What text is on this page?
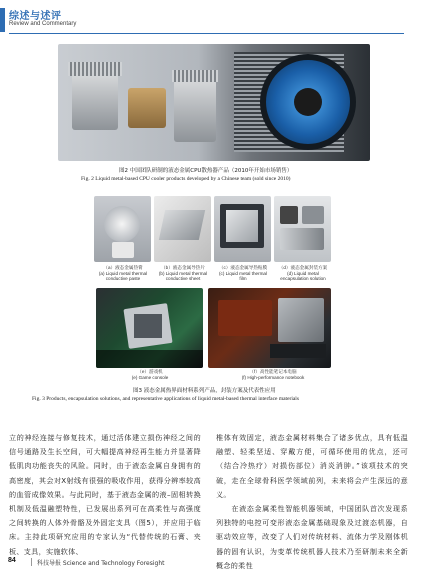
综述与述评
Review and Commentary
图2 中国团队研制的液态金属CPU散热器产品（2010年开始市场销售）
Fig. 2 Liquid metal-based CPU cooler products developed by a Chinese team (sold since 2010)
（a）液态金属热膏
(a) Liquid metal thermal
conductive paste
（b）液态金属导热片
(b) Liquid metal thermal
conductive sheet
（c）液态金属导热贴膜
(c) Liquid metal thermal
film
（d）液态金属封装方案
(d) Liquid metal
encapsulation solution
（e）游戏机
(e) Game console
（f）高性能笔记本电脑
(f) High-performance notebook
图3 液态金属热界面材料系列产品，封装方案及代表性应用
Fig. 3 Products, encapsulation solutions, and representative applications of liquid metal-based thermal interface materials
立的神经连接与修复技术，通过活体建立损伤神经之间的信号通路及生长空间，可大幅提高神经再生能力并显著降低肌肉功能丧失的风险。同时，由于液态金属自身拥有的高密度，其会对X射线有很强的吸收作用，获得分辨率较高的血管成像效果。与此同时，基于液态金属的液–固相转换机制及低温融塑特性，已发展出系列可在高柔性与高强度之间转换的人体外骨骼及外固定支具（图5），并应用于临床。主持此项研究应用的专家认为“代替传统的石膏、夹板、支具，实施软体、
椎体有效固定，液态金属材料集合了诸多优点，具有低温融塑、轻柔坚适、穿戴方便，可循环使用的优点，还可（结合冷热疗）对损伤部位）消炎消肿。”该项技术的突破，走在全球骨科医学领域前列，未来将会产生深远的意义。
　　在液态金属柔性智能机器领域，中国团队首次发现系列独特的电控可变形液态金属基础现象及过渡态机器，自驱动效应等，改变了人们对传统材料、流体力学及刚体机器的固有认识，为变革传统机器人技术乃至研制未来全新概念的柔性
84	科技导报 Science and Technology Foresight
